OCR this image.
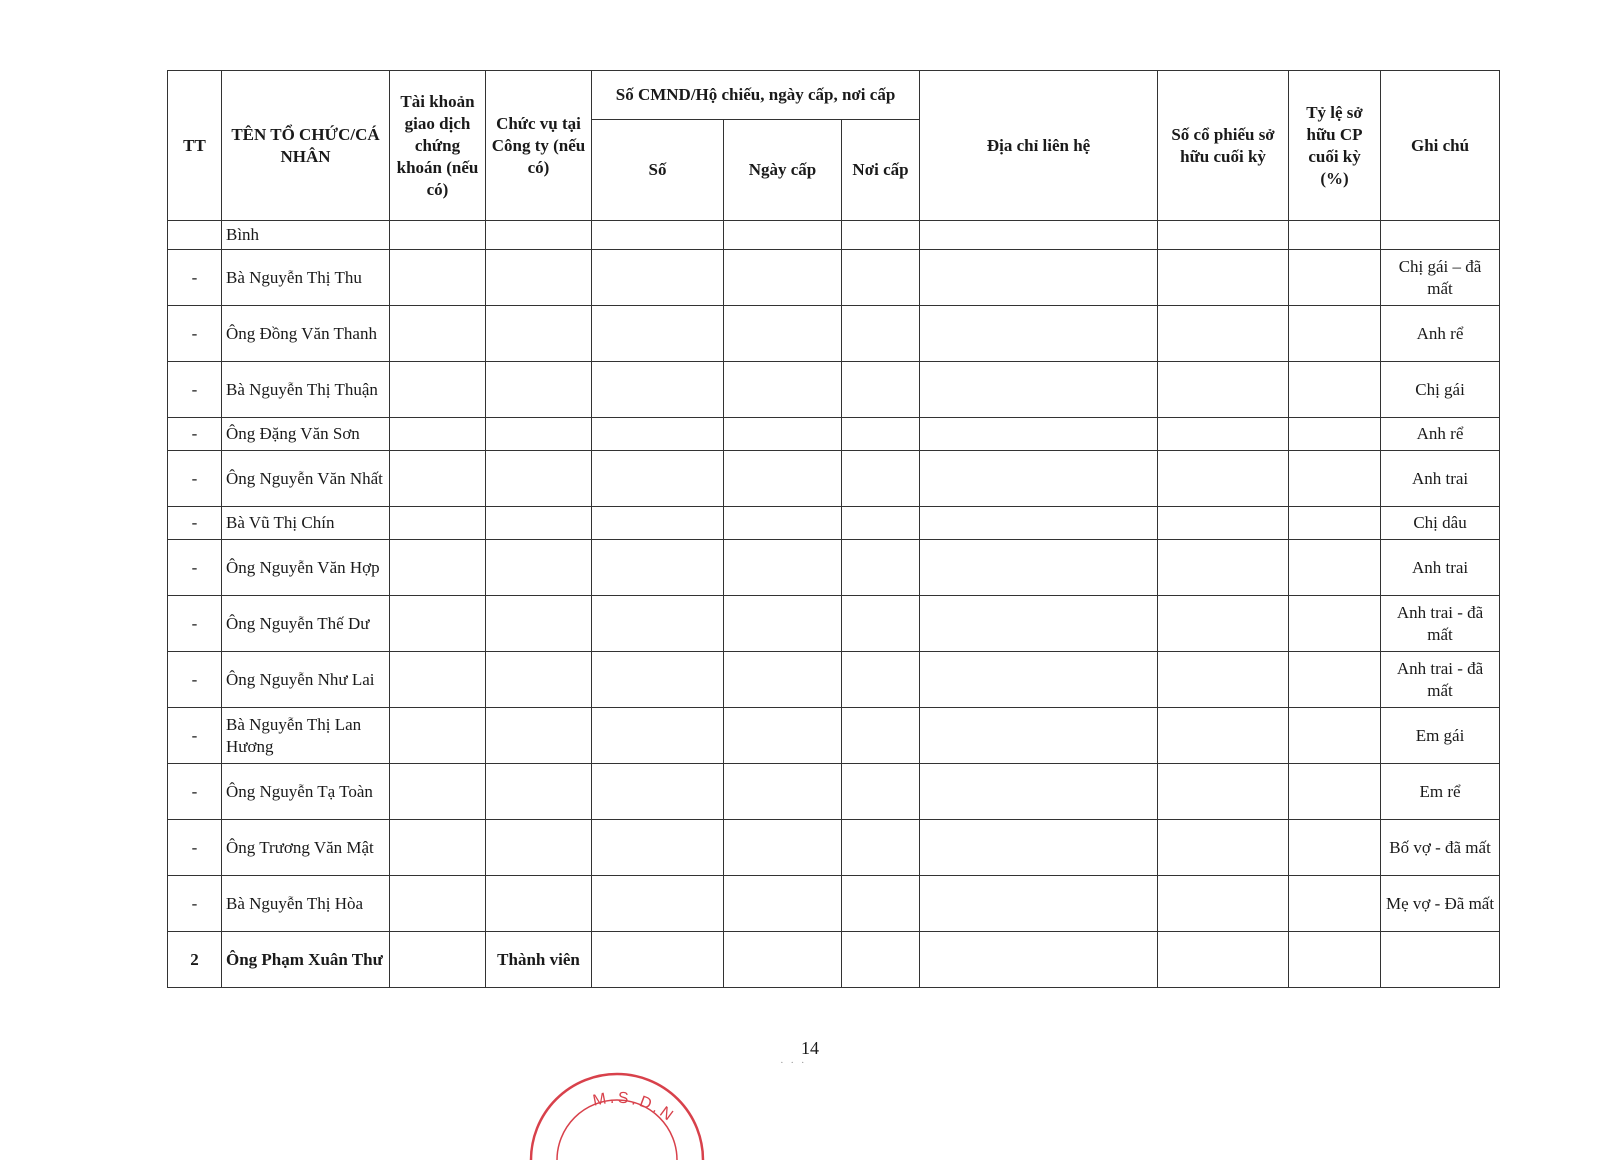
TT	TÊN TỔ CHỨC/CÁ NHÂN	Tài khoản giao dịch chứng khoán (nếu có)	Chức vụ tại Công ty (nếu có)	Số CMND/Hộ chiếu, ngày cấp, nơi cấp			Địa chỉ liên hệ	Số cổ phiếu sở hữu cuối kỳ	Tỷ lệ sở hữu CP cuối kỳ (%)	Ghi chú
				Số	Ngày cấp	Nơi cấp				
	Bình									
-	Bà Nguyễn Thị Thu									Chị gái – đã mất
-	Ông Đồng Văn Thanh									Anh rể
-	Bà Nguyễn Thị Thuận									Chị gái
-	Ông Đặng Văn Sơn									Anh rể
-	Ông Nguyễn Văn Nhất									Anh trai
-	Bà Vũ Thị Chín									Chị dâu
-	Ông Nguyễn Văn Hợp									Anh trai
-	Ông Nguyễn Thế Dư									Anh trai - đã mất
-	Ông Nguyễn Như Lai									Anh trai - đã mất
-	Bà Nguyễn Thị Lan Hương									Em gái
-	Ông Nguyễn Tạ Toàn									Em rể
-	Ông Trương Văn Mật									Bố vợ - đã mất
-	Bà Nguyễn Thị Hòa									Mẹ vợ - Đã mất
2	Ông Phạm Xuân Thư		Thành viên							
14
· · ·
M.S.D.N
